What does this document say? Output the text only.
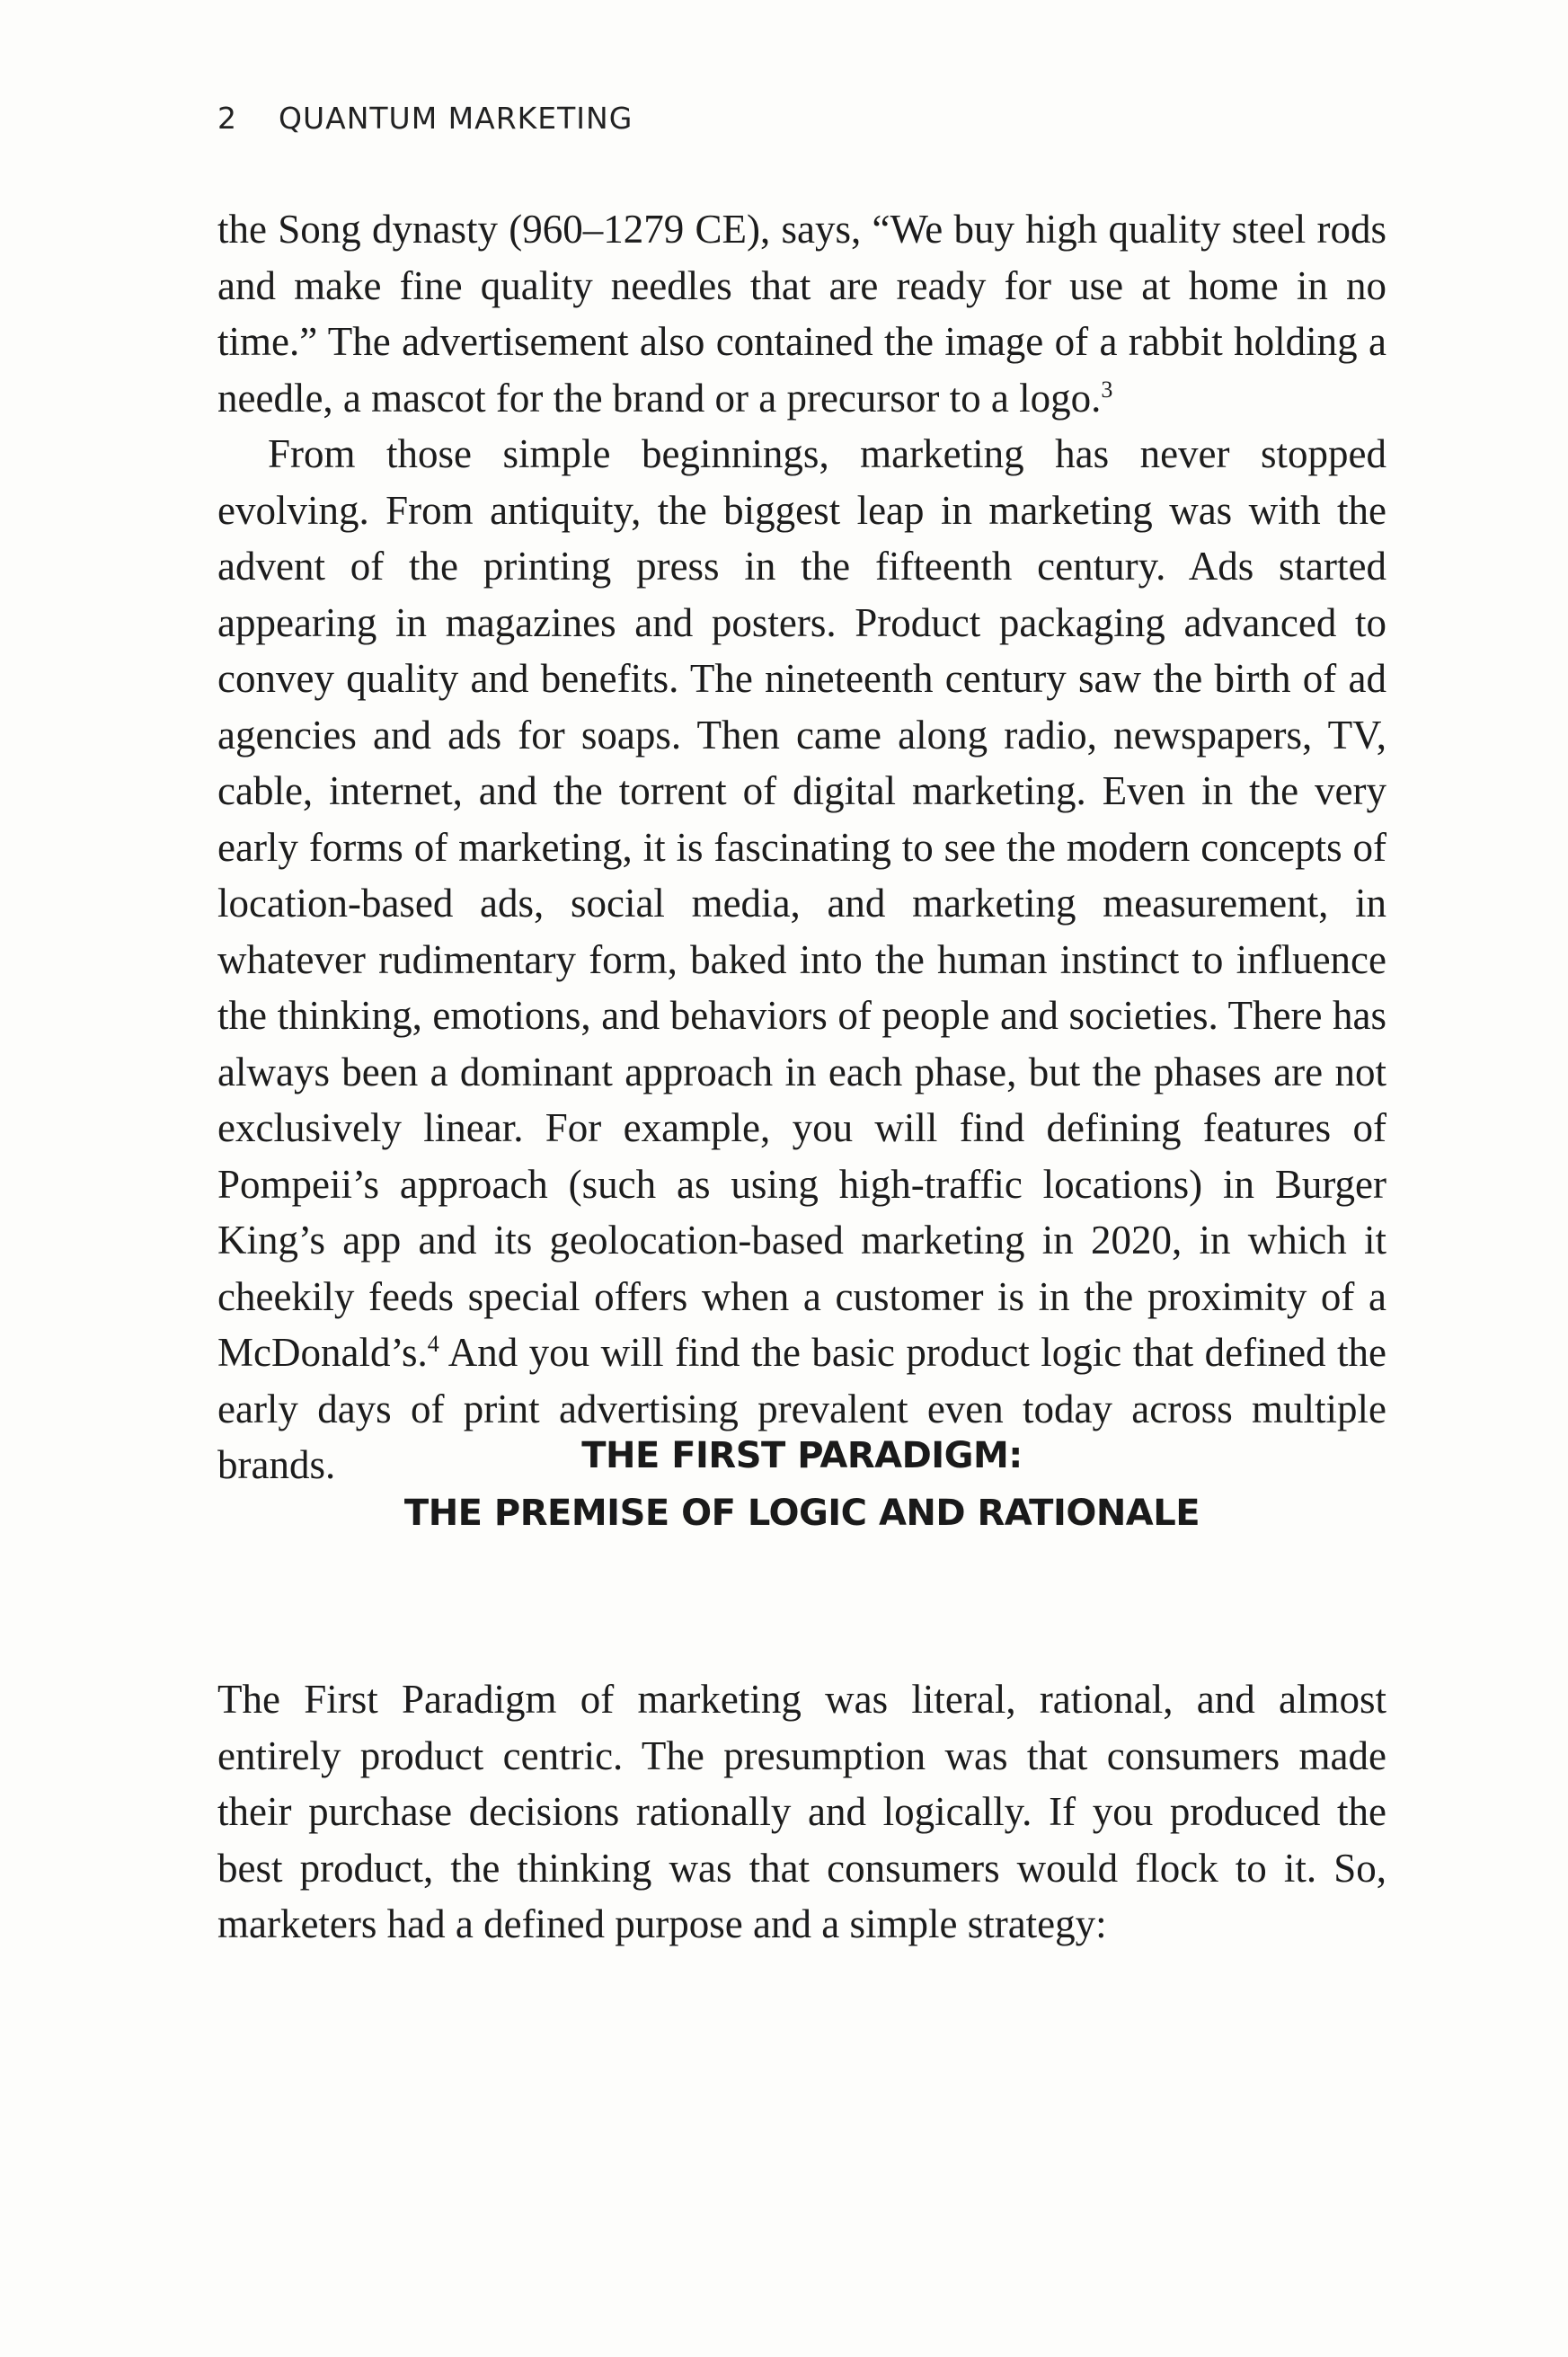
2 QUANTUM MARKETING

the Song dynasty (960–1279 CE), says, “We buy high quality steel rods and make fine quality needles that are ready for use at home in no time.” The advertisement also contained the image of a rabbit holding a needle, a mascot for the brand or a precursor to a logo.$^3$

From those simple beginnings, marketing has never stopped evolving. From antiquity, the biggest leap in marketing was with the advent of the printing press in the fifteenth century. Ads started appearing in magazines and posters. Product packaging advanced to convey quality and benefits. The nineteenth century saw the birth of ad agencies and ads for soaps. Then came along radio, newspapers, TV, cable, internet, and the torrent of digital marketing. Even in the very early forms of marketing, it is fascinating to see the modern concepts of location-based ads, social media, and marketing measurement, in whatever rudimentary form, baked into the human instinct to influence the thinking, emotions, and behaviors of people and societies. There has always been a dominant approach in each phase, but the phases are not exclusively linear. For example, you will find defining features of Pompeii’s approach (such as using high-traffic locations) in Burger King’s app and its geolocation-based marketing in 2020, in which it cheekily feeds special offers when a customer is in the proximity of a McDonald’s.$^4$ And you will find the basic product logic that defined the early days of print advertising prevalent even today across multiple brands.	THE FIRST PARADIGM:
THE PREMISE OF LOGIC AND RATIONALE

The First Paradigm of marketing was literal, rational, and almost entirely product centric. The presumption was that consumers made their purchase decisions rationally and logically. If you produced the best product, the thinking was that consumers would flock to it. So, marketers had a defined purpose and a simple strategy:
